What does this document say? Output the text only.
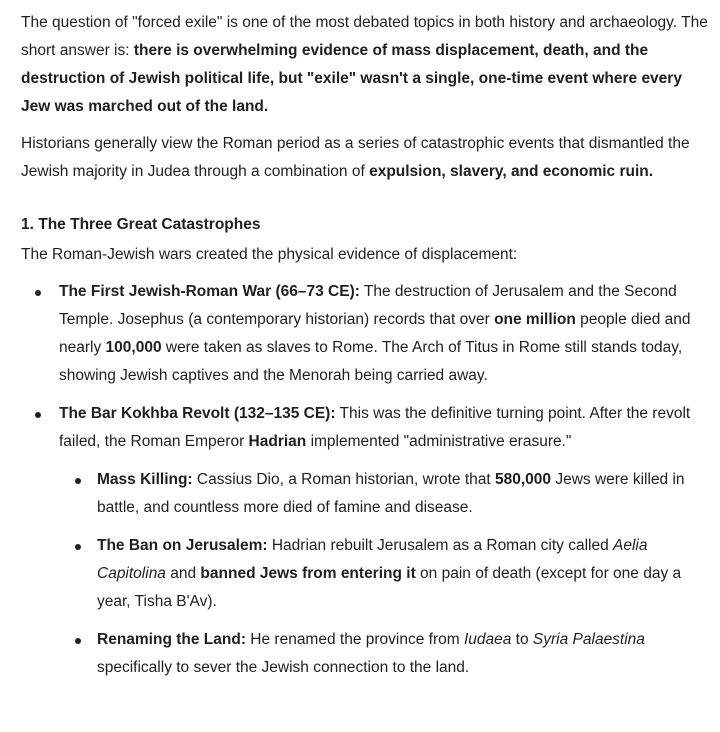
The question of "forced exile" is one of the most debated topics in both history and archaeology. The short answer is: there is overwhelming evidence of mass displacement, death, and the destruction of Jewish political life, but "exile" wasn't a single, one-time event where every Jew was marched out of the land.

Historians generally view the Roman period as a series of catastrophic events that dismantled the Jewish majority in Judea through a combination of expulsion, slavery, and economic ruin.

1. The Three Great Catastrophes

The Roman-Jewish wars created the physical evidence of displacement:

The First Jewish-Roman War (66–73 CE): The destruction of Jerusalem and the Second Temple. Josephus (a contemporary historian) records that over one million people died and nearly 100,000 were taken as slaves to Rome. The Arch of Titus in Rome still stands today, showing Jewish captives and the Menorah being carried away.
The Bar Kokhba Revolt (132–135 CE): This was the definitive turning point. After the revolt failed, the Roman Emperor Hadrian implemented "administrative erasure."
Mass Killing: Cassius Dio, a Roman historian, wrote that 580,000 Jews were killed in battle, and countless more died of famine and disease.
The Ban on Jerusalem: Hadrian rebuilt Jerusalem as a Roman city called Aelia Capitolina and banned Jews from entering it on pain of death (except for one day a year, Tisha B'Av).
Renaming the Land: He renamed the province from Iudaea to Syria Palaestina specifically to sever the Jewish connection to the land.
